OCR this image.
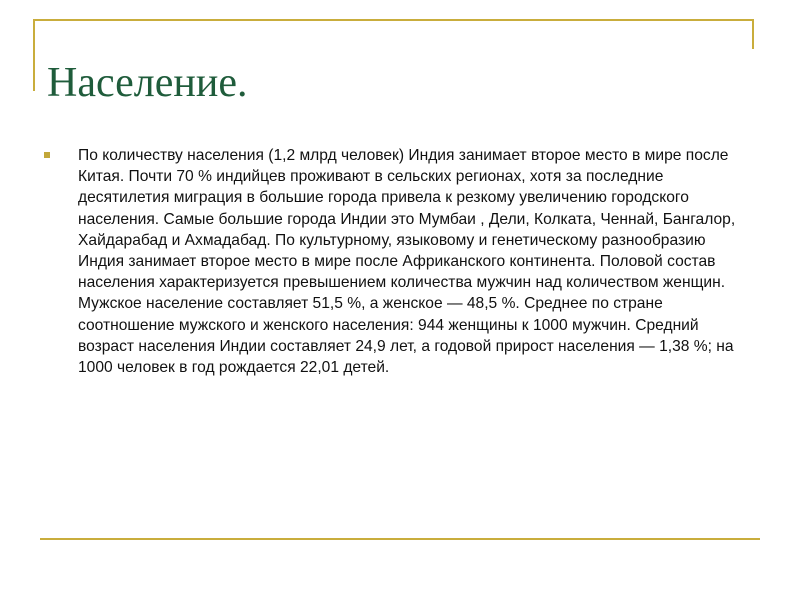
Население.

По количеству населения (1,2 млрд человек) Индия занимает второе место в мире после Китая. Почти 70 % индийцев проживают в сельских регионах, хотя за последние десятилетия миграция в большие города привела к резкому увеличению городского населения. Самые большие города Индии это Мумбаи , Дели, Колката, Ченнай, Бангалор, Хайдарабад и Ахмадабад. По культурному, языковому и генетическому разнообразию Индия занимает второе место в мире после Африканского континента. Половой состав населения характеризуется превышением количества мужчин над количеством женщин. Мужское население составляет 51,5 %, а женское — 48,5 %. Среднее по стране соотношение мужского и женского населения: 944 женщины к 1000 мужчин. Средний возраст населения Индии составляет 24,9 лет, а годовой прирост населения — 1,38 %; на 1000 человек в год рождается 22,01 детей.
